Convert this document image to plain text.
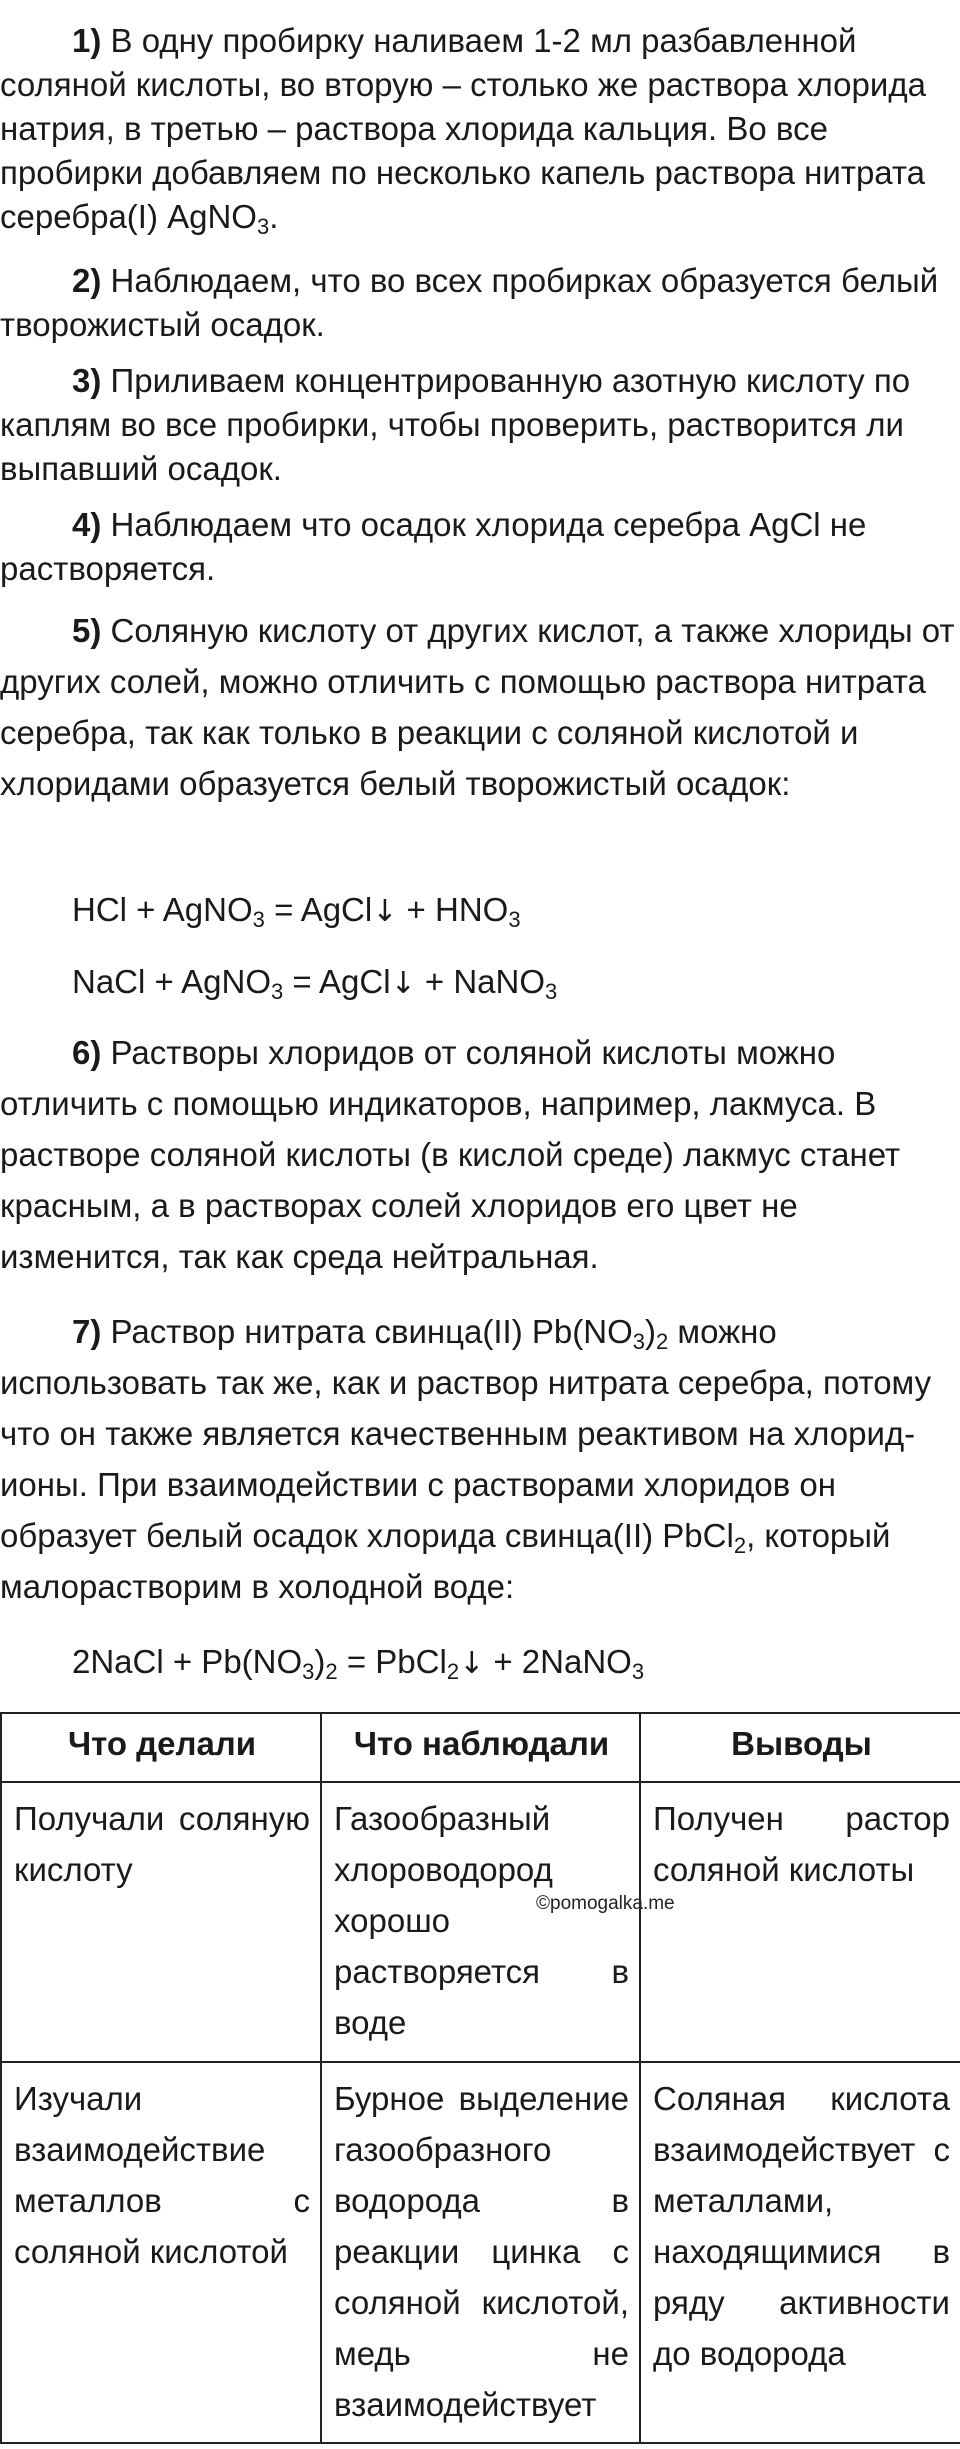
1) В одну пробирку наливаем 1-2 мл разбавленной соляной кислоты, во вторую – столько же раствора хлорида натрия, в третью – раствора хлорида кальция. Во все пробирки добавляем по несколько капель раствора нитрата серебра(I) AgNO$_3$.

2) Наблюдаем, что во всех пробирках образуется белый творожистый осадок.

3) Приливаем концентрированную азотную кислоту по каплям во все пробирки, чтобы проверить, растворится ли выпавший осадок.

4) Наблюдаем что осадок хлорида серебра AgCl не растворяется.

5) Соляную кислоту от других кислот, а также хлориды от других солей, можно отличить с помощью раствора нитрата серебра, так как только в реакции с соляной кислотой и хлоридами образуется белый творожистый осадок:

HCl + AgNO$_3$ = AgCl↓ + $HNO_3$
NaCl + AgNO$_3$ = AgCl↓ + NaNO$_3$

6) Растворы хлоридов от соляной кислоты можно отличить с помощью индикаторов, например, лакмуса. В растворе соляной кислоты (в кислой среде) лакмус станет красным, а в растворах солей хлоридов его цвет не изменится, так как среда нейтральная.

7) Раствор нитрата свинца(II) $Pb(NO_3)_2$ можно использовать так же, как и раствор нитрата серебра, потому что он также является качественным реактивом на хлорид-ионы. При взаимодействии с растворами хлоридов он образует белый осадок хлорида свинца(II) PbCl$_2$, который малорастворим в холодной воде:

2NaCl + $Pb(NO_3)_2$ = PbCl$_2$↓ + 2NaNO$_3$
Что делали	Что наблюдали	Выводы
Получали соляную кислоту	Газообразный хлороводород хорошо растворяется в воде	Получен растор соляной кислоты
Изучали взаимодействие металлов с соляной кислотой	Бурное выделение газообразного водорода в реакции цинка с соляной кислотой, медь не взаимодействует	Соляная кислота взаимодействует с металлами, находящимися в ряду активности до водорода
©pomogalka.me
